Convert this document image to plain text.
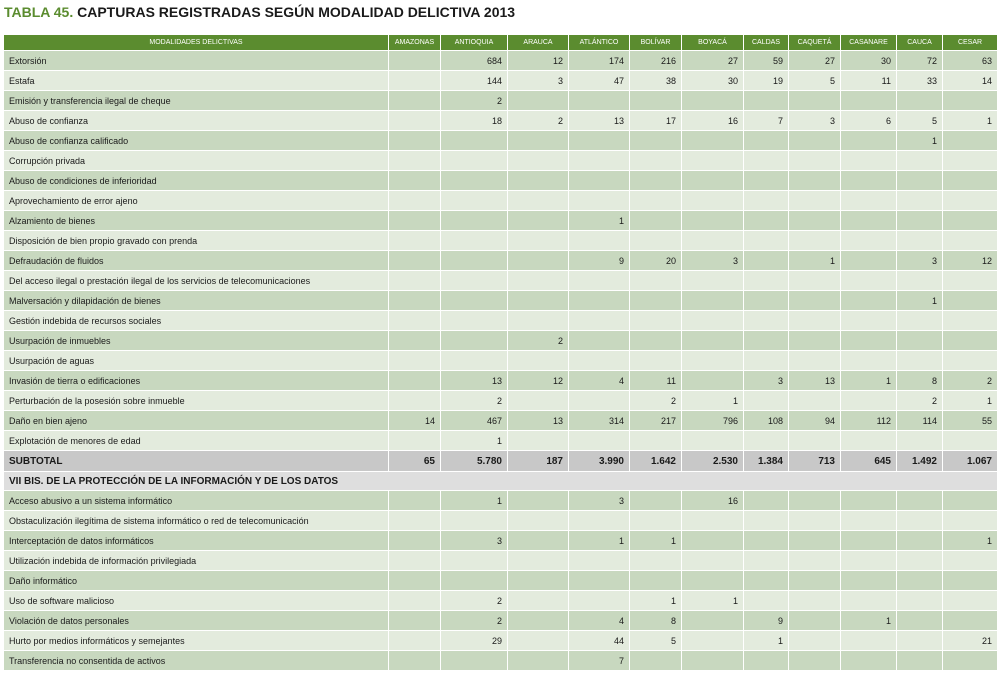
TABLA 45. CAPTURAS REGISTRADAS SEGÚN MODALIDAD DELICTIVA 2013
MODALIDADES DELICTIVAS	AMAZONAS	ANTIOQUIA	ARAUCA	ATLÁNTICO	BOLÍVAR	BOYACÁ	CALDAS	CAQUETÁ	CASANARE	CAUCA	CESAR
Extorsión		684	12	174	216	27	59	27	30	72	63
Estafa		144	3	47	38	30	19	5	11	33	14
Emisión y transferencia ilegal de cheque		2									
Abuso de confianza		18	2	13	17	16	7	3	6	5	1
Abuso de confianza calificado										1	
Corrupción privada											
Abuso de condiciones de inferioridad											
Aprovechamiento de error ajeno											
Alzamiento de bienes				1							
Disposición de bien propio gravado con prenda											
Defraudación de fluidos				9	20	3		1		3	12
Del acceso ilegal o prestación ilegal de los servicios de telecomunicaciones											
Malversación y dilapidación de bienes										1	
Gestión indebida de recursos sociales											
Usurpación de inmuebles			2								
Usurpación de aguas											
Invasión de tierra o edificaciones		13	12	4	11		3	13	1	8	2
Perturbación de la posesión sobre inmueble		2			2	1				2	1
Daño en bien ajeno	14	467	13	314	217	796	108	94	112	114	55
Explotación de menores de edad		1									
SUBTOTAL	65	5.780	187	3.990	1.642	2.530	1.384	713	645	1.492	1.067
VII BIS. DE LA PROTECCIÓN DE LA INFORMACIÓN Y DE LOS DATOS											
Acceso abusivo a un sistema informático		1		3		16					
Obstaculización ilegítima de sistema informático o red de telecomunicación											
Interceptación de datos informáticos		3		1	1						1
Utilización indebida de información privilegiada											
Daño informático											
Uso de software malicioso		2			1	1					
Violación de datos personales		2		4	8		9		1		
Hurto por medios informáticos y semejantes		29		44	5		1				21
Transferencia no consentida de activos				7							
